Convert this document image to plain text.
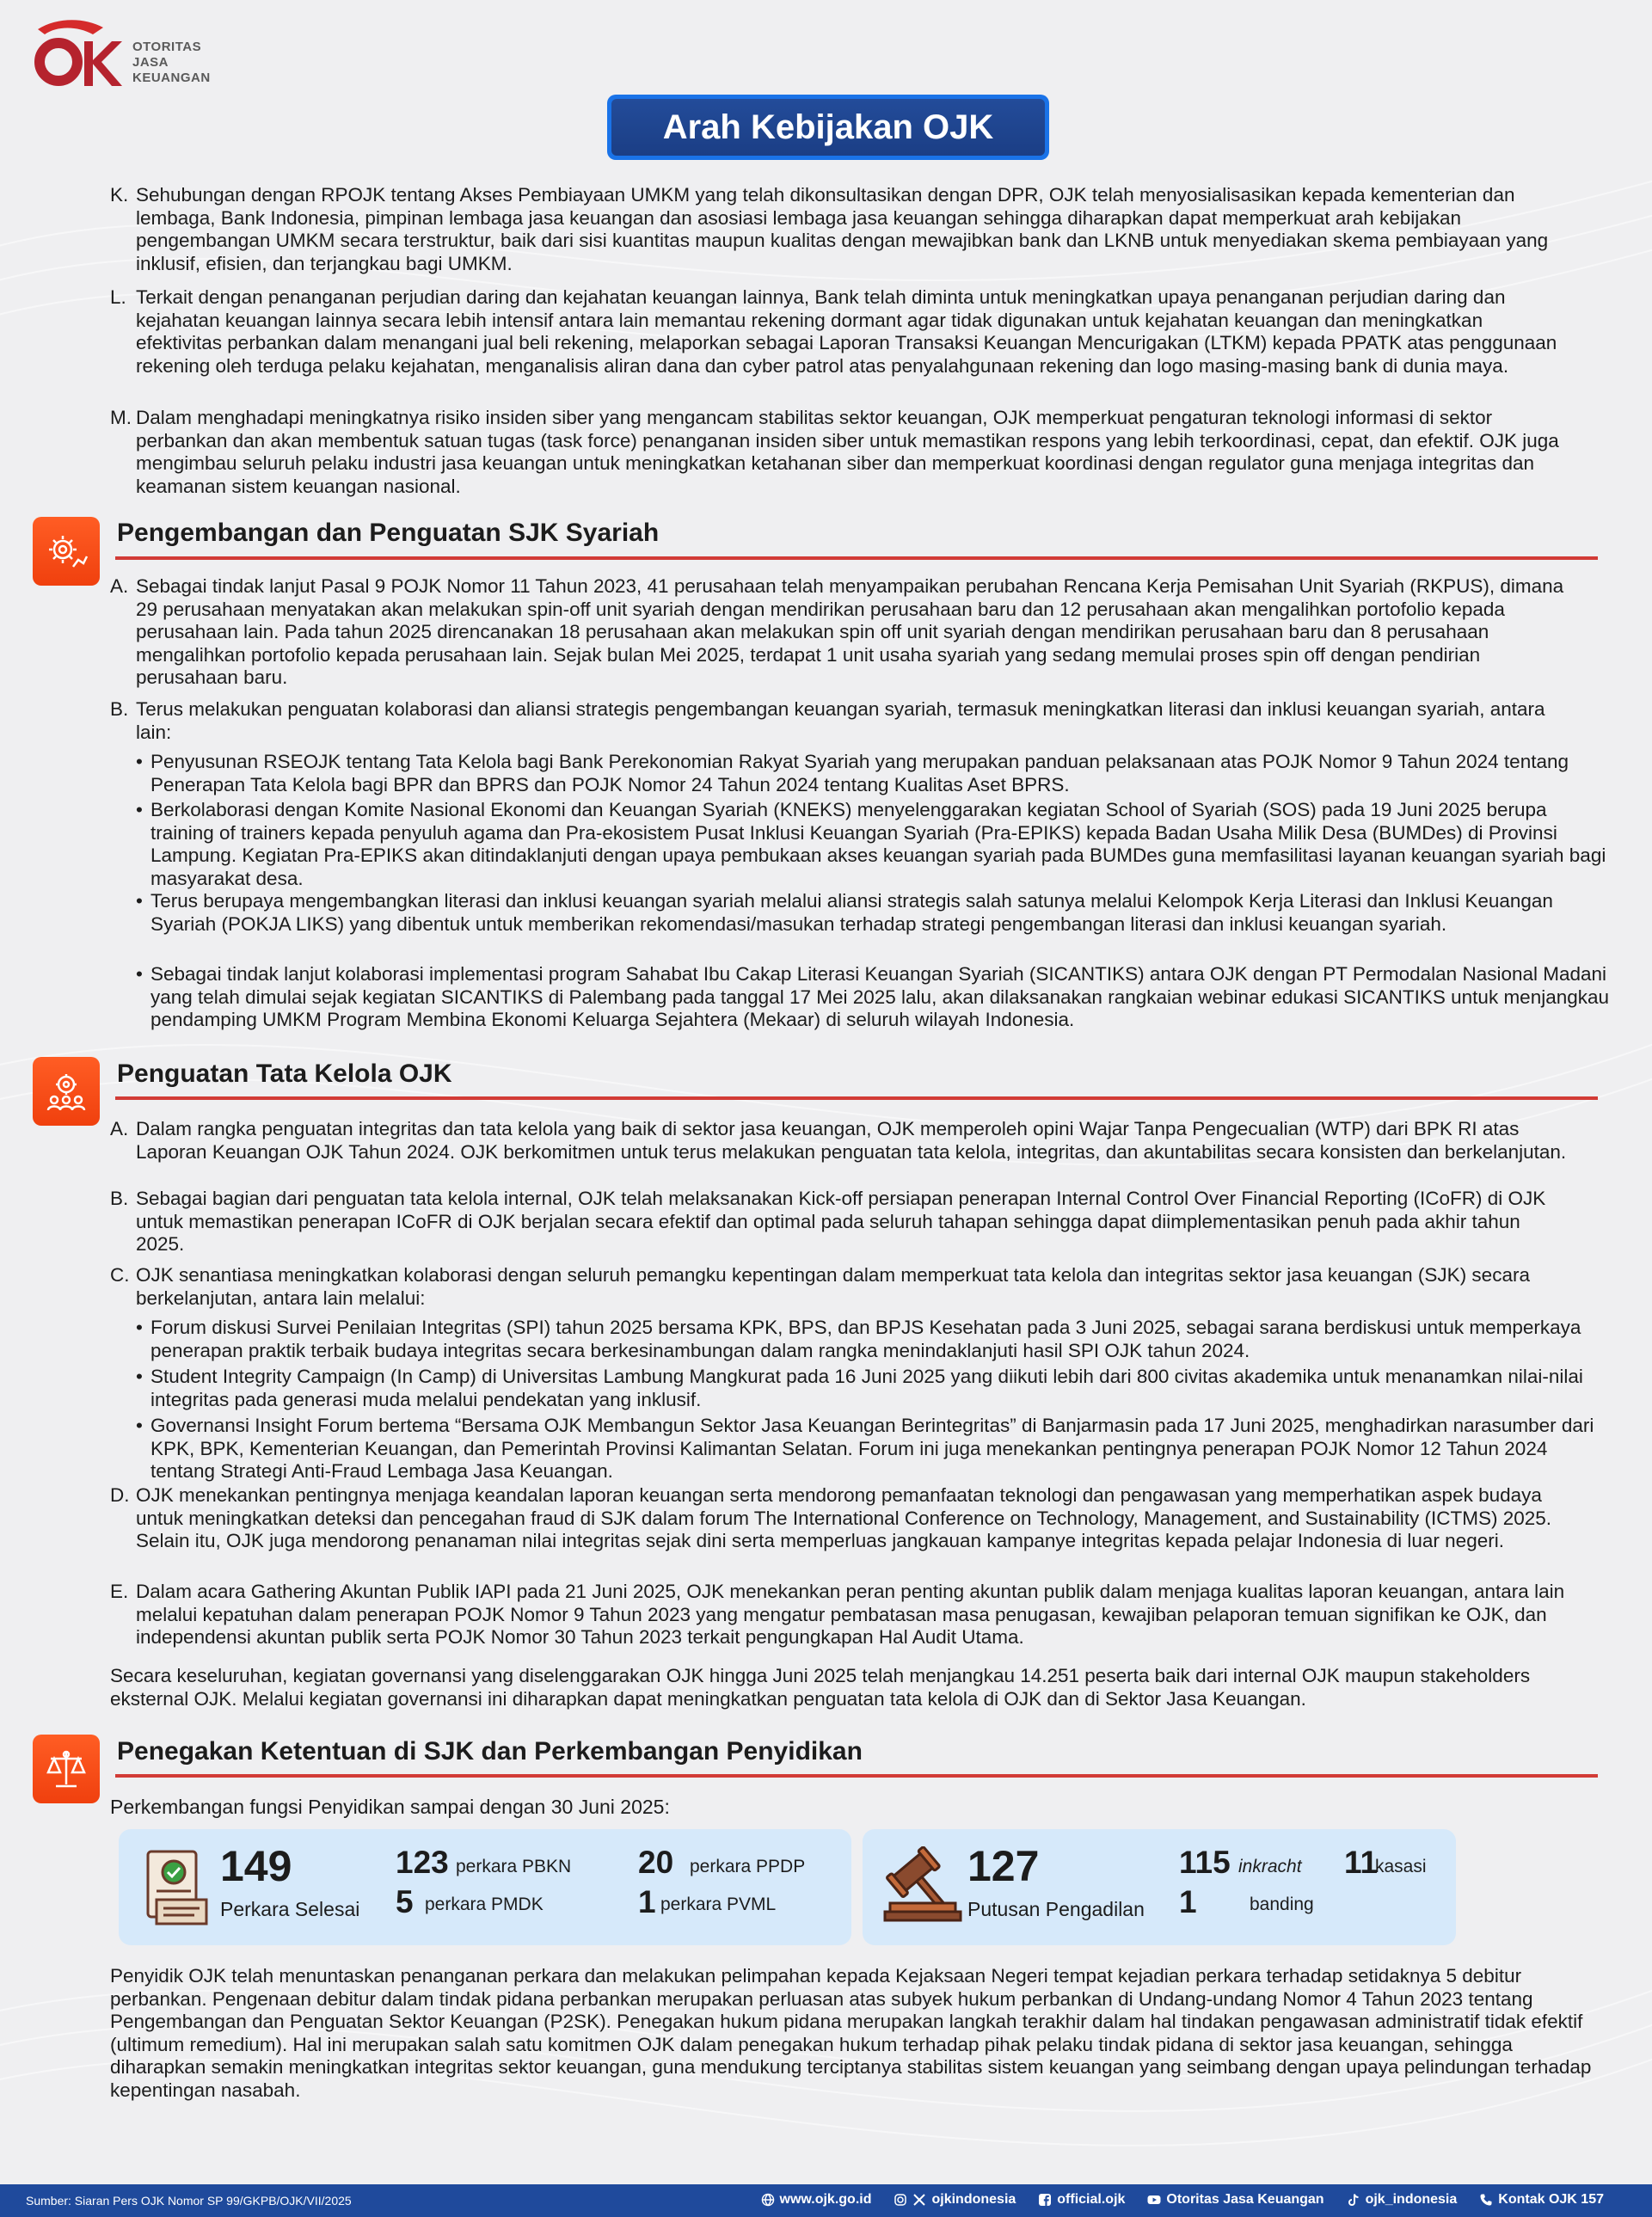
OTORITAS
JASA
KEUANGAN
Arah Kebijakan OJK
K. Sehubungan dengan RPOJK tentang Akses Pembiayaan UMKM yang telah dikonsultasikan dengan DPR, OJK telah menyosialisasikan kepada kementerian dan lembaga, Bank Indonesia, pimpinan lembaga jasa keuangan dan asosiasi lembaga jasa keuangan sehingga diharapkan dapat memperkuat arah kebijakan pengembangan UMKM secara terstruktur, baik dari sisi kuantitas maupun kualitas dengan mewajibkan bank dan LKNB untuk menyediakan skema pembiayaan yang inklusif, efisien, dan terjangkau bagi UMKM.
L. Terkait dengan penanganan perjudian daring dan kejahatan keuangan lainnya, Bank telah diminta untuk meningkatkan upaya penanganan perjudian daring dan kejahatan keuangan lainnya secara lebih intensif antara lain memantau rekening dormant agar tidak digunakan untuk kejahatan keuangan dan meningkatkan efektivitas perbankan dalam menangani jual beli rekening, melaporkan sebagai Laporan Transaksi Keuangan Mencurigakan (LTKM) kepada PPATK atas penggunaan rekening oleh terduga pelaku kejahatan, menganalisis aliran dana dan cyber patrol atas penyalahgunaan rekening dan logo masing-masing bank di dunia maya.
M. Dalam menghadapi meningkatnya risiko insiden siber yang mengancam stabilitas sektor keuangan, OJK memperkuat pengaturan teknologi informasi di sektor perbankan dan akan membentuk satuan tugas (task force) penanganan insiden siber untuk memastikan respons yang lebih terkoordinasi, cepat, dan efektif. OJK juga mengimbau seluruh pelaku industri jasa keuangan untuk meningkatkan ketahanan siber dan memperkuat koordinasi dengan regulator guna menjaga integritas dan keamanan sistem keuangan nasional.
Pengembangan dan Penguatan SJK Syariah
A. Sebagai tindak lanjut Pasal 9 POJK Nomor 11 Tahun 2023, 41 perusahaan telah menyampaikan perubahan Rencana Kerja Pemisahan Unit Syariah (RKPUS), dimana 29 perusahaan menyatakan akan melakukan spin-off unit syariah dengan mendirikan perusahaan baru dan 12 perusahaan akan mengalihkan portofolio kepada perusahaan lain. Pada tahun 2025 direncanakan 18 perusahaan akan melakukan spin off unit syariah dengan mendirikan perusahaan baru dan 8 perusahaan mengalihkan portofolio kepada perusahaan lain. Sejak bulan Mei 2025, terdapat 1 unit usaha syariah yang sedang memulai proses spin off dengan pendirian perusahaan baru.
B. Terus melakukan penguatan kolaborasi dan aliansi strategis pengembangan keuangan syariah, termasuk meningkatkan literasi dan inklusi keuangan syariah, antara lain:
• Penyusunan RSEOJK tentang Tata Kelola bagi Bank Perekonomian Rakyat Syariah yang merupakan panduan pelaksanaan atas POJK Nomor 9 Tahun 2024 tentang Penerapan Tata Kelola bagi BPR dan BPRS dan POJK Nomor 24 Tahun 2024 tentang Kualitas Aset BPRS.
• Berkolaborasi dengan Komite Nasional Ekonomi dan Keuangan Syariah (KNEKS) menyelenggarakan kegiatan School of Syariah (SOS) pada 19 Juni 2025 berupa training of trainers kepada penyuluh agama dan Pra-ekosistem Pusat Inklusi Keuangan Syariah (Pra-EPIKS) kepada Badan Usaha Milik Desa (BUMDes) di Provinsi Lampung. Kegiatan Pra-EPIKS akan ditindaklanjuti dengan upaya pembukaan akses keuangan syariah pada BUMDes guna memfasilitasi layanan keuangan syariah bagi masyarakat desa.
• Terus berupaya mengembangkan literasi dan inklusi keuangan syariah melalui aliansi strategis salah satunya melalui Kelompok Kerja Literasi dan Inklusi Keuangan Syariah (POKJA LIKS) yang dibentuk untuk memberikan rekomendasi/masukan terhadap strategi pengembangan literasi dan inklusi keuangan syariah.
• Sebagai tindak lanjut kolaborasi implementasi program Sahabat Ibu Cakap Literasi Keuangan Syariah (SICANTIKS) antara OJK dengan PT Permodalan Nasional Madani yang telah dimulai sejak kegiatan SICANTIKS di Palembang pada tanggal 17 Mei 2025 lalu, akan dilaksanakan rangkaian webinar edukasi SICANTIKS untuk menjangkau pendamping UMKM Program Membina Ekonomi Keluarga Sejahtera (Mekaar) di seluruh wilayah Indonesia.
Penguatan Tata Kelola OJK
A. Dalam rangka penguatan integritas dan tata kelola yang baik di sektor jasa keuangan, OJK memperoleh opini Wajar Tanpa Pengecualian (WTP) dari BPK RI atas Laporan Keuangan OJK Tahun 2024. OJK berkomitmen untuk terus melakukan penguatan tata kelola, integritas, dan akuntabilitas secara konsisten dan berkelanjutan.
B. Sebagai bagian dari penguatan tata kelola internal, OJK telah melaksanakan Kick-off persiapan penerapan Internal Control Over Financial Reporting (ICoFR) di OJK untuk memastikan penerapan ICoFR di OJK berjalan secara efektif dan optimal pada seluruh tahapan sehingga dapat diimplementasikan penuh pada akhir tahun 2025.
C. OJK senantiasa meningkatkan kolaborasi dengan seluruh pemangku kepentingan dalam memperkuat tata kelola dan integritas sektor jasa keuangan (SJK) secara berkelanjutan, antara lain melalui:
• Forum diskusi Survei Penilaian Integritas (SPI) tahun 2025 bersama KPK, BPS, dan BPJS Kesehatan pada 3 Juni 2025, sebagai sarana berdiskusi untuk memperkaya penerapan praktik terbaik budaya integritas secara berkesinambungan dalam rangka menindaklanjuti hasil SPI OJK tahun 2024.
• Student Integrity Campaign (In Camp) di Universitas Lambung Mangkurat pada 16 Juni 2025 yang diikuti lebih dari 800 civitas akademika untuk menanamkan nilai-nilai integritas pada generasi muda melalui pendekatan yang inklusif.
• Governansi Insight Forum bertema “Bersama OJK Membangun Sektor Jasa Keuangan Berintegritas” di Banjarmasin pada 17 Juni 2025, menghadirkan narasumber dari KPK, BPK, Kementerian Keuangan, dan Pemerintah Provinsi Kalimantan Selatan. Forum ini juga menekankan pentingnya penerapan POJK Nomor 12 Tahun 2024 tentang Strategi Anti-Fraud Lembaga Jasa Keuangan.
D. OJK menekankan pentingnya menjaga keandalan laporan keuangan serta mendorong pemanfaatan teknologi dan pengawasan yang memperhatikan aspek budaya untuk meningkatkan deteksi dan pencegahan fraud di SJK dalam forum The International Conference on Technology, Management, and Sustainability (ICTMS) 2025. Selain itu, OJK juga mendorong penanaman nilai integritas sejak dini serta memperluas jangkauan kampanye integritas kepada pelajar Indonesia di luar negeri.
E. Dalam acara Gathering Akuntan Publik IAPI pada 21 Juni 2025, OJK menekankan peran penting akuntan publik dalam menjaga kualitas laporan keuangan, antara lain melalui kepatuhan dalam penerapan POJK Nomor 9 Tahun 2023 yang mengatur pembatasan masa penugasan, kewajiban pelaporan temuan signifikan ke OJK, dan independensi akuntan publik serta POJK Nomor 30 Tahun 2023 terkait pengungkapan Hal Audit Utama.
Secara keseluruhan, kegiatan governansi yang diselenggarakan OJK hingga Juni 2025 telah menjangkau 14.251 peserta baik dari internal OJK maupun stakeholders eksternal OJK. Melalui kegiatan governansi ini diharapkan dapat meningkatkan penguatan tata kelola di OJK dan di Sektor Jasa Keuangan.
Penegakan Ketentuan di SJK dan Perkembangan Penyidikan
Perkembangan fungsi Penyidikan sampai dengan 30 Juni 2025:
149
Perkara Selesai
123 perkara PBKN 20 perkara PPDP
5 perkara PMDK	1 perkara PVML
127
Putusan Pengadilan
115 inkracht 11
kasasi
1	banding
Penyidik OJK telah menuntaskan penanganan perkara dan melakukan pelimpahan kepada Kejaksaan Negeri tempat kejadian perkara terhadap setidaknya 5 debitur perbankan. Pengenaan debitur dalam tindak pidana perbankan merupakan perluasan atas subyek hukum perbankan di Undang-undang Nomor 4 Tahun 2023 tentang Pengembangan dan Penguatan Sektor Keuangan (P2SK). Penegakan hukum pidana merupakan langkah terakhir dalam hal tindakan pengawasan administratif tidak efektif (ultimum remedium). Hal ini merupakan salah satu komitmen OJK dalam penegakan hukum terhadap pihak pelaku tindak pidana di sektor jasa keuangan, sehingga diharapkan semakin meningkatkan integritas sektor keuangan, guna mendukung terciptanya stabilitas sistem keuangan yang seimbang dengan upaya pelindungan terhadap kepentingan nasabah.
Sumber: Siaran Pers OJK Nomor SP 99/GKPB/OJK/VII/2025	www.ojk.go.id	ojkindonesia	official.ojk	Otoritas Jasa Keuangan	ojk_indonesia	Kontak OJK 157
